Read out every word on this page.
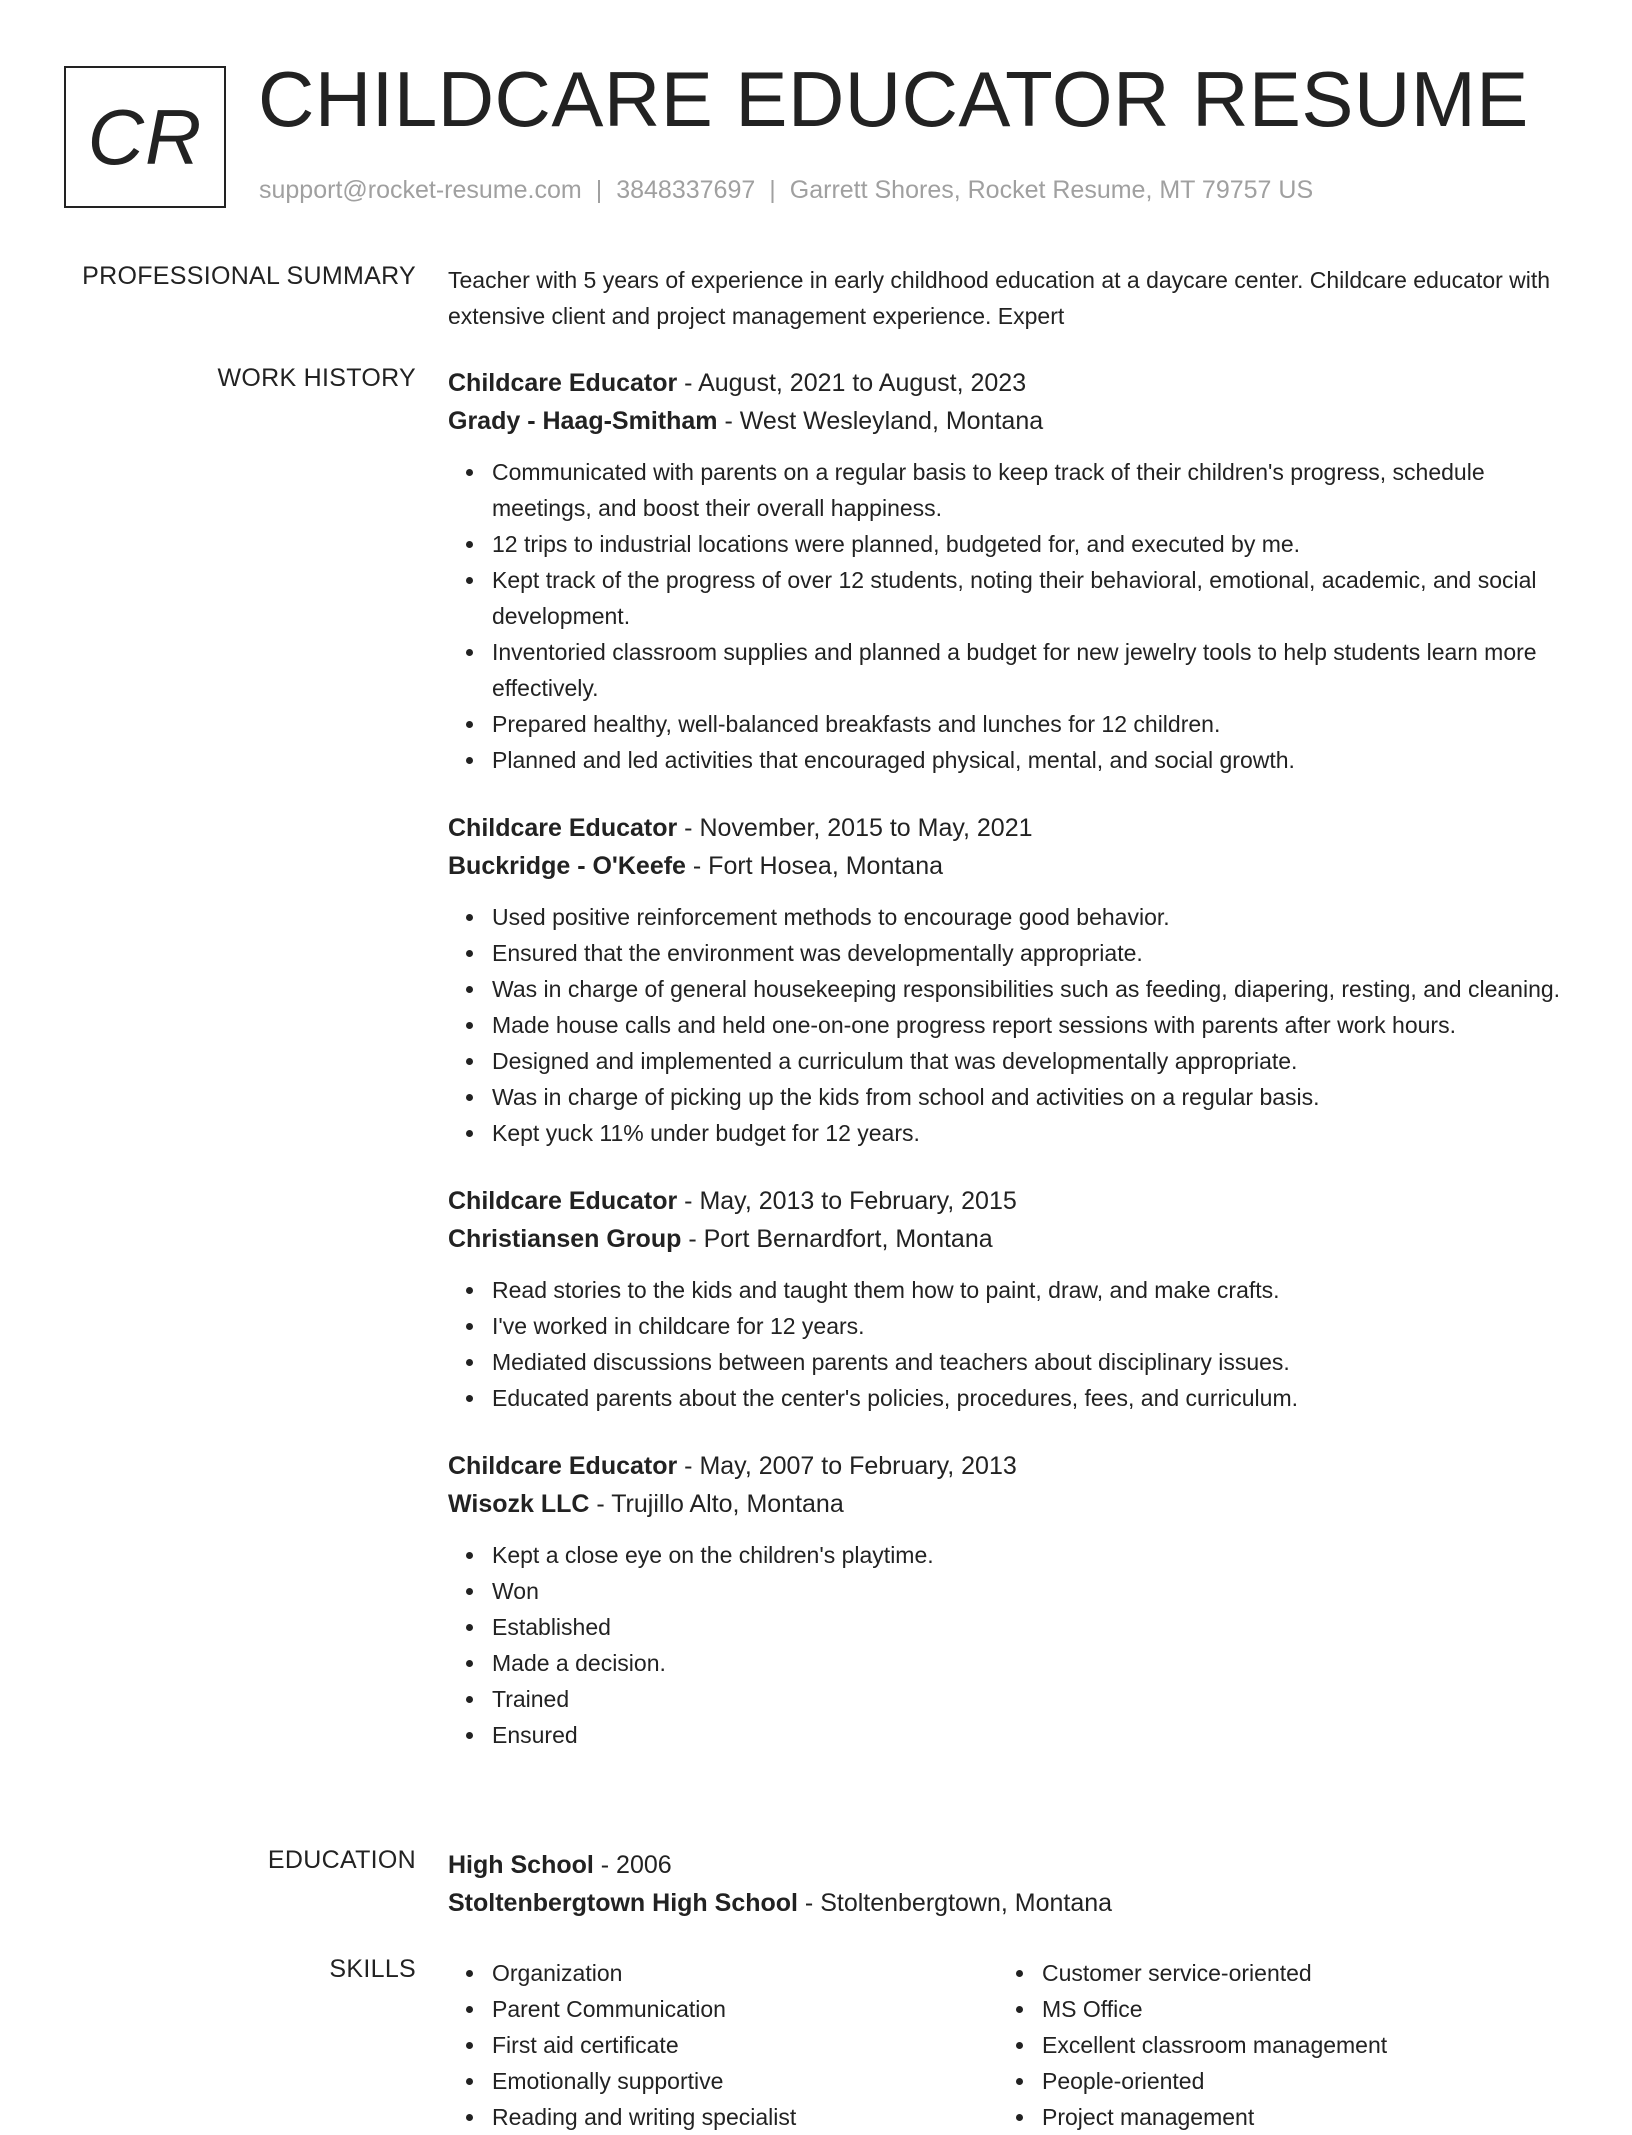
CR CHILDCARE EDUCATOR RESUME
support@rocket-resume.com | 3848337697 | Garrett Shores, Rocket Resume, MT 79757 US
PROFESSIONAL SUMMARY Teacher with 5 years of experience in early childhood education at a daycare center. Childcare educator with extensive client and project management experience. Expert

WORK HISTORY Childcare Educator - August, 2021 to August, 2023
Grady - Haag-Smitham - West Wesleyland, Montana
Communicated with parents on a regular basis to keep track of their children's progress, schedule meetings, and boost their overall happiness.
12 trips to industrial locations were planned, budgeted for, and executed by me.
Kept track of the progress of over 12 students, noting their behavioral, emotional, academic, and social development.
Inventoried classroom supplies and planned a budget for new jewelry tools to help students learn more effectively.
Prepared healthy, well-balanced breakfasts and lunches for 12 children.
Planned and led activities that encouraged physical, mental, and social growth.
Childcare Educator - November, 2015 to May, 2021
Buckridge - O'Keefe - Fort Hosea, Montana
Used positive reinforcement methods to encourage good behavior.
Ensured that the environment was developmentally appropriate.
Was in charge of general housekeeping responsibilities such as feeding, diapering, resting, and cleaning.
Made house calls and held one-on-one progress report sessions with parents after work hours.
Designed and implemented a curriculum that was developmentally appropriate.
Was in charge of picking up the kids from school and activities on a regular basis.
Kept yuck 11% under budget for 12 years.
Childcare Educator - May, 2013 to February, 2015
Christiansen Group - Port Bernardfort, Montana
Read stories to the kids and taught them how to paint, draw, and make crafts.
I've worked in childcare for 12 years.
Mediated discussions between parents and teachers about disciplinary issues.
Educated parents about the center's policies, procedures, fees, and curriculum.
Childcare Educator - May, 2007 to February, 2013
Wisozk LLC - Trujillo Alto, Montana
Kept a close eye on the children's playtime.
Won
Established
Made a decision.
Trained
Ensured
EDUCATION High School - 2006
Stoltenbergtown High School - Stoltenbergtown, Montana
SKILLS	Organization
Parent Communication
First aid certificate
Emotionally supportive
Reading and writing specialist
Customer service-oriented
MS Office
Excellent classroom management
People-oriented
Project management
